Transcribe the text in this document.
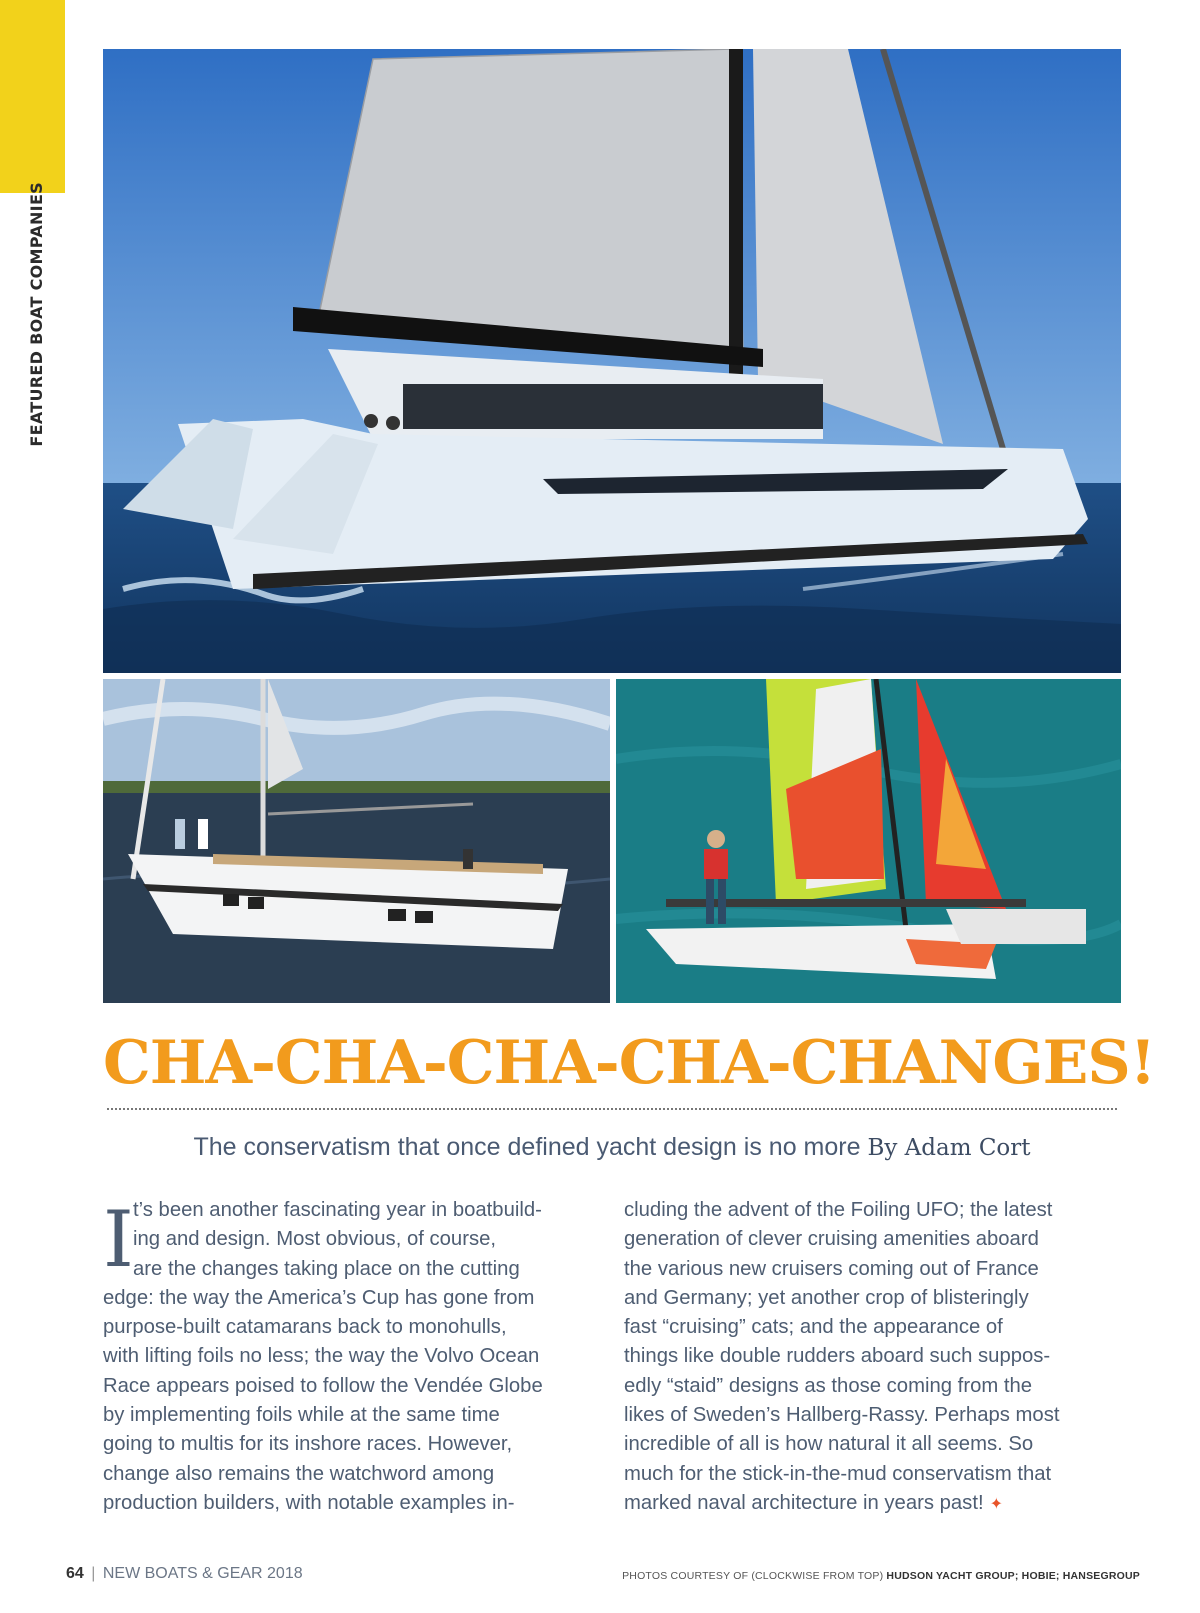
FEATURED BOAT COMPANIES
CHA-CHA-CHA-CHA-CHANGES!
The conservatism that once defined yacht design is no more By Adam Cort
I t’s been another fascinating year in boatbuild-
ing and design. Most obvious, of course,
are the changes taking place on the cutting
edge: the way the America’s Cup has gone from
purpose-built catamarans back to monohulls,
with lifting foils no less; the way the Volvo Ocean
Race appears poised to follow the Vendée Globe
by implementing foils while at the same time
going to multis for its inshore races. However,
change also remains the watchword among
production builders, with notable examples in-
cluding the advent of the Foiling UFO; the latest
generation of clever cruising amenities aboard
the various new cruisers coming out of France
and Germany; yet another crop of blisteringly
fast “cruising” cats; and the appearance of
things like double rudders aboard such suppos-
edly “staid” designs as those coming from the
likes of Sweden’s Hallberg-Rassy. Perhaps most
incredible of all is how natural it all seems. So
much for the stick-in-the-mud conservatism that
marked naval architecture in years past! ✦
64 | NEW BOATS & GEAR 2018	PHOTOS COURTESY OF (CLOCKWISE FROM TOP) HUDSON YACHT GROUP; HOBIE; HANSEGROUP
